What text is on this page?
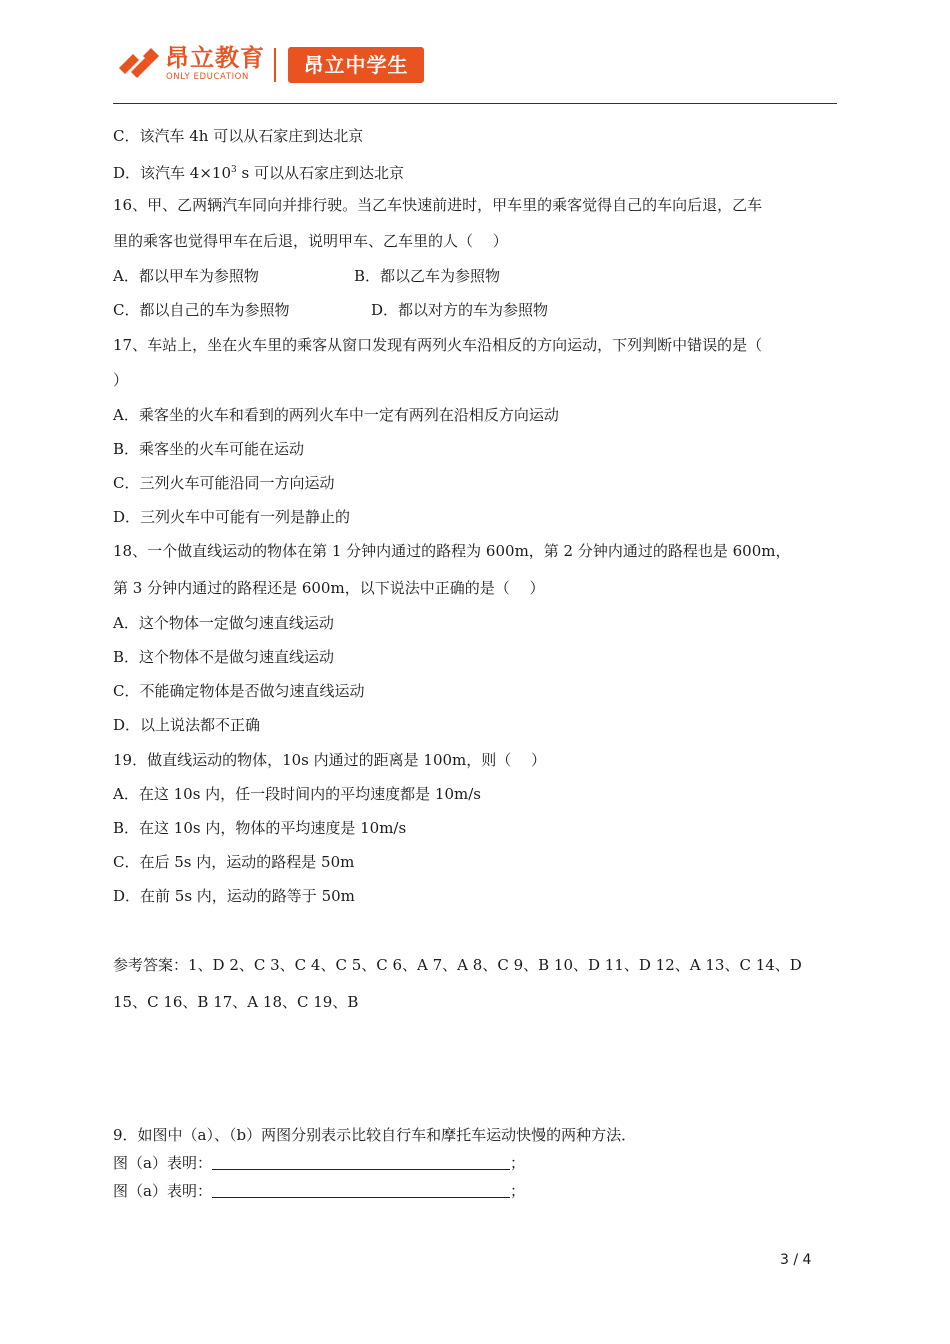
昂立教育
ONLY EDUCATION	昂立中学生
C．该汽车 4h 可以从石家庄到达北京
D．该汽车 $4\times 10^3$ s 可以从石家庄到达北京
16、甲、乙两辆汽车同向并排行驶。当乙车快速前进时，甲车里的乘客觉得自己的车向后退，乙车
里的乘客也觉得甲车在后退，说明甲车、乙车里的人（　 ）
A．都以甲车为参照物	B．都以乙车为参照物
C．都以自己的车为参照物	D．都以对方的车为参照物
17、车站上，坐在火车里的乘客从窗口发现有两列火车沿相反的方向运动，下列判断中错误的是（
）
A．乘客坐的火车和看到的两列火车中一定有两列在沿相反方向运动
B．乘客坐的火车可能在运动
C．三列火车可能沿同一方向运动
D．三列火车中可能有一列是静止的
18、一个做直线运动的物体在第 1 分钟内通过的路程为 600m，第 2 分钟内通过的路程也是 600m，
第 3 分钟内通过的路程还是 600m，以下说法中正确的是（　 ）
A．这个物体一定做匀速直线运动
B．这个物体不是做匀速直线运动
C．不能确定物体是否做匀速直线运动
D．以上说法都不正确
19．做直线运动的物体，10s 内通过的距离是 100m，则（　 ）
A．在这 10s 内，任一段时间内的平均速度都是 10m/s
B．在这 10s 内，物体的平均速度是 10m/s
C．在后 5s 内，运动的路程是 50m
D．在前 5s 内，运动的路等于 50m
参考答案：1、D 2、C 3、C 4、C 5、C 6、A 7、A 8、C 9、B 10、D 11、D 12、A 13、C 14、D
15、C 16、B 17、A 18、C 19、B
9．如图中（a）、（b）两图分别表示比较自行车和摩托车运动快慢的两种方法．
图（a）表明：	；
图（a）表明：	；
3 / 4
